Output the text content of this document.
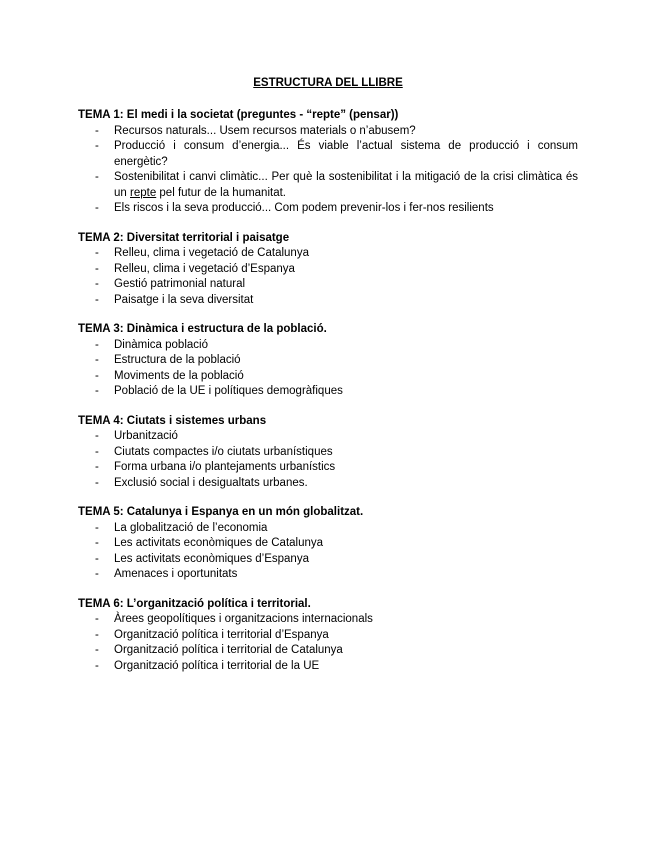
ESTRUCTURA DEL LLIBRE
TEMA 1: El medi i la societat (preguntes - “repte” (pensar))
- Recursos naturals... Usem recursos materials o n’abusem?
- Producció i consum d’energia... És viable l’actual sistema de producció i consum energètic?
- Sostenibilitat i canvi climàtic... Per què la sostenibilitat i la mitigació de la crisi climàtica és un repte pel futur de la humanitat.
- Els riscos i la seva producció... Com podem prevenir-los i fer-nos resilients
TEMA 2: Diversitat territorial i paisatge
- Relleu, clima i vegetació de Catalunya
- Relleu, clima i vegetació d’Espanya
- Gestió patrimonial natural
- Paisatge i la seva diversitat
TEMA 3: Dinàmica i estructura de la població.
- Dinàmica població
- Estructura de la població
- Moviments de la població
- Població de la UE i polítiques demogràfiques
TEMA 4: Ciutats i sistemes urbans
- Urbanització
- Ciutats compactes i/o ciutats urbanístiques
- Forma urbana i/o plantejaments urbanístics
- Exclusió social i desigualtats urbanes.
TEMA 5: Catalunya i Espanya en un món globalitzat.
- La globalització de l’economia
- Les activitats econòmiques de Catalunya
- Les activitats econòmiques d’Espanya
- Amenaces i oportunitats
TEMA 6: L’organització política i territorial.
- Àrees geopolítiques i organitzacions internacionals
- Organització política i territorial d’Espanya
- Organització política i territorial de Catalunya
- Organització política i territorial de la UE
